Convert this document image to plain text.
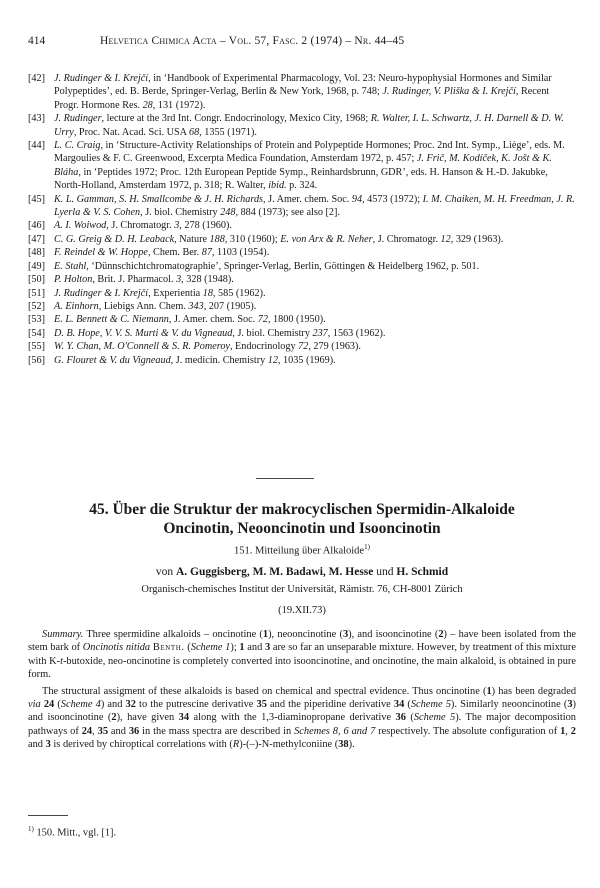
414	Helvetica Chimica Acta – Vol. 57, Fasc. 2 (1974) – Nr. 44–45

[42] J. Rudinger & I. Krejčí, in ‘Handbook of Experimental Pharmacology, Vol. 23: Neuro-hypophysial Hormones and Similar Polypeptides’, ed. B. Berde, Springer-Verlag, Berlin & New York, 1968, p. 748; J. Rudinger, V. Pliška & I. Krejčí, Recent Progr. Hormone Res. 28, 131 (1972).

[43] J. Rudinger, lecture at the 3rd Int. Congr. Endocrinology, Mexico City, 1968; R. Walter, I. L. Schwartz, J. H. Darnell & D. W. Urry, Proc. Nat. Acad. Sci. USA 68, 1355 (1971).

[44] L. C. Craig, in ‘Structure-Activity Relationships of Protein and Polypeptide Hormones; Proc. 2nd Int. Symp., Liège’, eds. M. Margoulies & F. C. Greenwood, Excerpta Medica Foundation, Amsterdam 1972, p. 457; J. Frič, M. Kodíček, K. Jošt & K. Bláha, in ‘Peptides 1972; Proc. 12th European Peptide Symp., Reinhardsbrunn, GDR’, eds. H. Hanson & H.-D. Jakubke, North-Holland, Amsterdam 1972, p. 318; R. Walter, ibid. p. 324.

[45] K. L. Gamman, S. H. Smallcombe & J. H. Richards, J. Amer. chem. Soc. 94, 4573 (1972); I. M. Chaiken, M. H. Freedman, J. R. Lyerla & V. S. Cohen, J. biol. Chemistry 248, 884 (1973); see also [2].

[46] A. I. Woiwod, J. Chromatogr. 3, 278 (1960).

[47] C. G. Greig & D. H. Leaback, Nature 188, 310 (1960); E. von Arx & R. Neher, J. Chromatogr. 12, 329 (1963).

[48] F. Reindel & W. Hoppe, Chem. Ber. 87, 1103 (1954).

[49] E. Stahl, ‘Dünnschichtchromatographie’, Springer-Verlag, Berlin, Göttingen & Heidelberg 1962, p. 501.

[50] P. Holton, Brit. J. Pharmacol. 3, 328 (1948).

[51] J. Rudinger & I. Krejčí, Experientia 18, 585 (1962).

[52] A. Einhorn, Liebigs Ann. Chem. 343, 207 (1905).

[53] E. L. Bennett & C. Niemann, J. Amer. chem. Soc. 72, 1800 (1950).

[54] D. B. Hope, V. V. S. Murti & V. du Vigneaud, J. biol. Chemistry 237, 1563 (1962).

[55] W. Y. Chan, M. O'Connell & S. R. Pomeroy, Endocrinology 72, 279 (1963).

[56] G. Flouret & V. du Vigneaud, J. medicin. Chemistry 12, 1035 (1969).

45. Über die Struktur der makrocyclischen Spermidin-Alkaloide
Oncinotin, Neooncinotin und Isooncinotin
151. Mitteilung über Alkaloide$^{1)}$
von A. Guggisberg, M. M. Badawi, M. Hesse und H. Schmid
Organisch-chemisches Institut der Universität, Rämistr. 76, CH-8001 Zürich
(19.XII.73)

Summary. Three spermidine alkaloids – oncinotine (1), neooncinotine (3), and isooncinotine (2) – have been isolated from the stem bark of Oncinotis nitida Benth. (Scheme 1); 1 and 3 are so far an unseparable mixture. However, by treatment of this mixture with K-t-butoxide, neo-oncinotine is completely converted into isooncinotine, and oncinotine, the main alkaloid, is obtained in pure form.

The structural assigment of these alkaloids is based on chemical and spectral evidence. Thus oncinotine (1) has been degraded via 24 (Scheme 4) and 32 to the putrescine derivative 35 and the piperidine derivative 34 (Scheme 5). Similarly neooncinotine (3) and isooncinotine (2), have given 34 along with the 1,3-diaminopropane derivative 36 (Scheme 5). The major decomposition pathways of 24, 35 and 36 in the mass spectra are described in Schemes 8, 6 and 7 respectively. The absolute configuration of 1, 2 and 3 is derived by chiroptical correlations with (R)-(–)-N-methylconiine (38).

$^{1)}$ 150. Mitt., vgl. [1].
